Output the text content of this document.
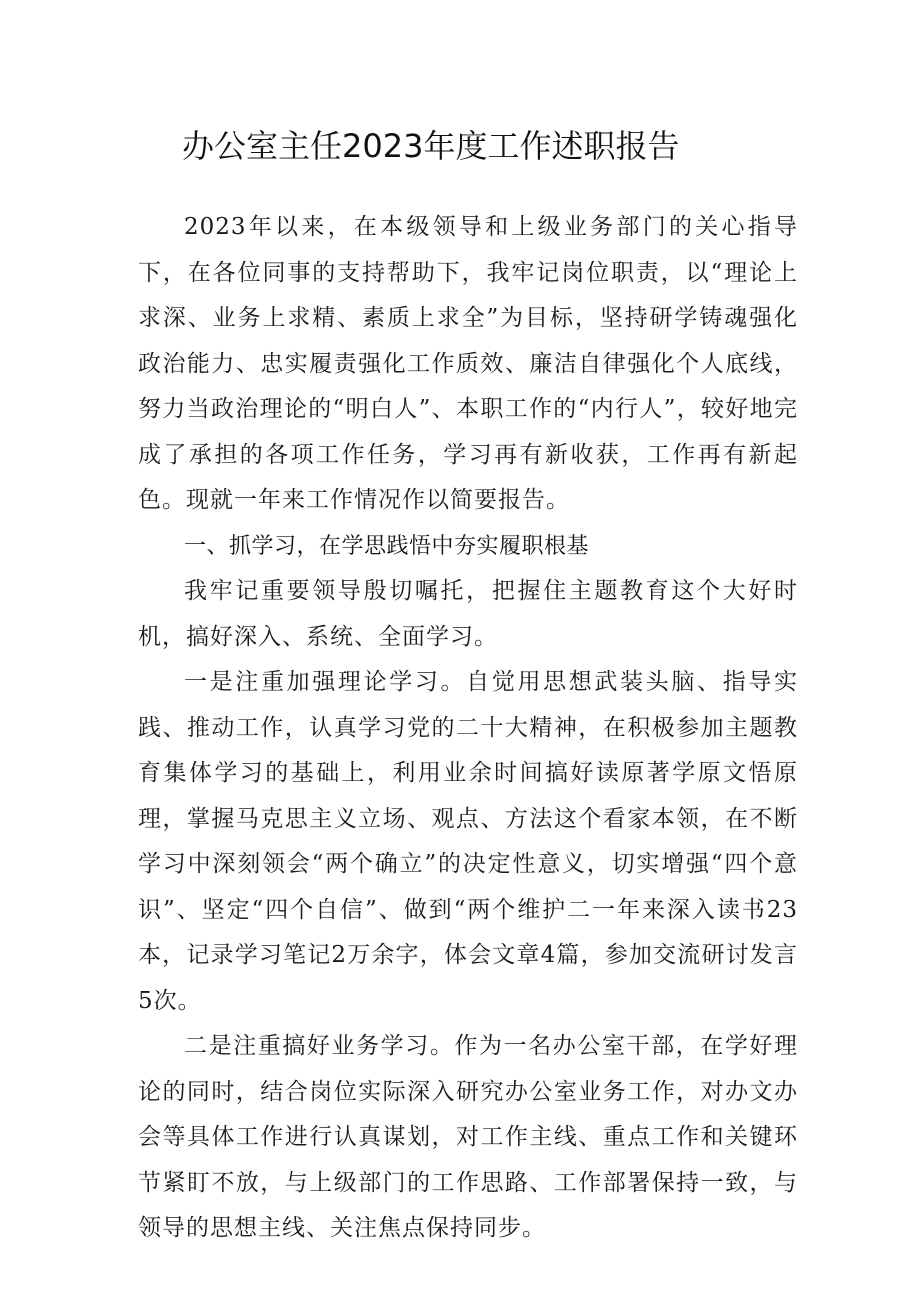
办公室主任2023年度工作述职报告

2023年以来，在本级领导和上级业务部门的关心指导下，在各位同事的支持帮助下，我牢记岗位职责，以“理论上求深、业务上求精、素质上求全”为目标，坚持研学铸魂强化政治能力、忠实履责强化工作质效、廉洁自律强化个人底线，努力当政治理论的“明白人”、本职工作的“内行人”，较好地完成了承担的各项工作任务，学习再有新收获，工作再有新起色。现就一年来工作情况作以简要报告。

一、抓学习，在学思践悟中夯实履职根基

我牢记重要领导殷切嘱托，把握住主题教育这个大好时机，搞好深入、系统、全面学习。

一是注重加强理论学习。自觉用思想武装头脑、指导实践、推动工作，认真学习党的二十大精神，在积极参加主题教育集体学习的基础上，利用业余时间搞好读原著学原文悟原理，掌握马克思主义立场、观点、方法这个看家本领，在不断学习中深刻领会“两个确立”的决定性意义，切实增强“四个意识”、坚定“四个自信”、做到“两个维护二一年来深入读书23本，记录学习笔记2万余字，体会文章4篇，参加交流研讨发言5次。

二是注重搞好业务学习。作为一名办公室干部，在学好理论的同时，结合岗位实际深入研究办公室业务工作，对办文办会等具体工作进行认真谋划，对工作主线、重点工作和关键环节紧盯不放，与上级部门的工作思路、工作部署保持一致，与领导的思想主线、关注焦点保持同步。
